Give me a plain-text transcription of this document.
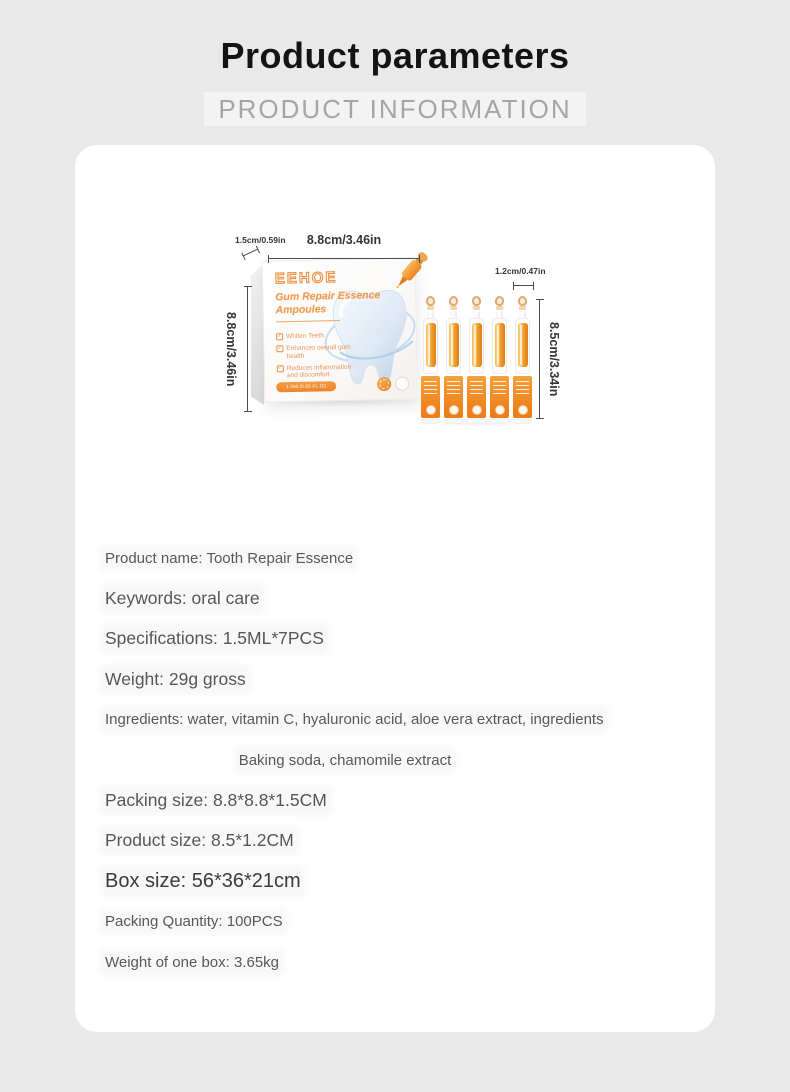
Product parameters
PRODUCT INFORMATION
EEHOE
Gum Repair Essence Ampoules
✓ Whiten Teeth
✓ Enhances overall gum health
✓ Reduces inflammation and discomfort
1.5ML/0.05 FL OZ
8.8cm/3.46in
1.5cm/0.59in
8.8cm/3.46in
1.2cm/0.47in
8.5cm/3.34in
Product name: Tooth Repair Essence
Keywords: oral care
Specifications: 1.5ML*7PCS
Weight: 29g gross
Ingredients: water, vitamin C, hyaluronic acid, aloe vera extract, ingredients
Baking soda, chamomile extract
Packing size: 8.8*8.8*1.5CM
Product size: 8.5*1.2CM
Box size: 56*36*21cm
Packing Quantity: 100PCS
Weight of one box: 3.65kg
